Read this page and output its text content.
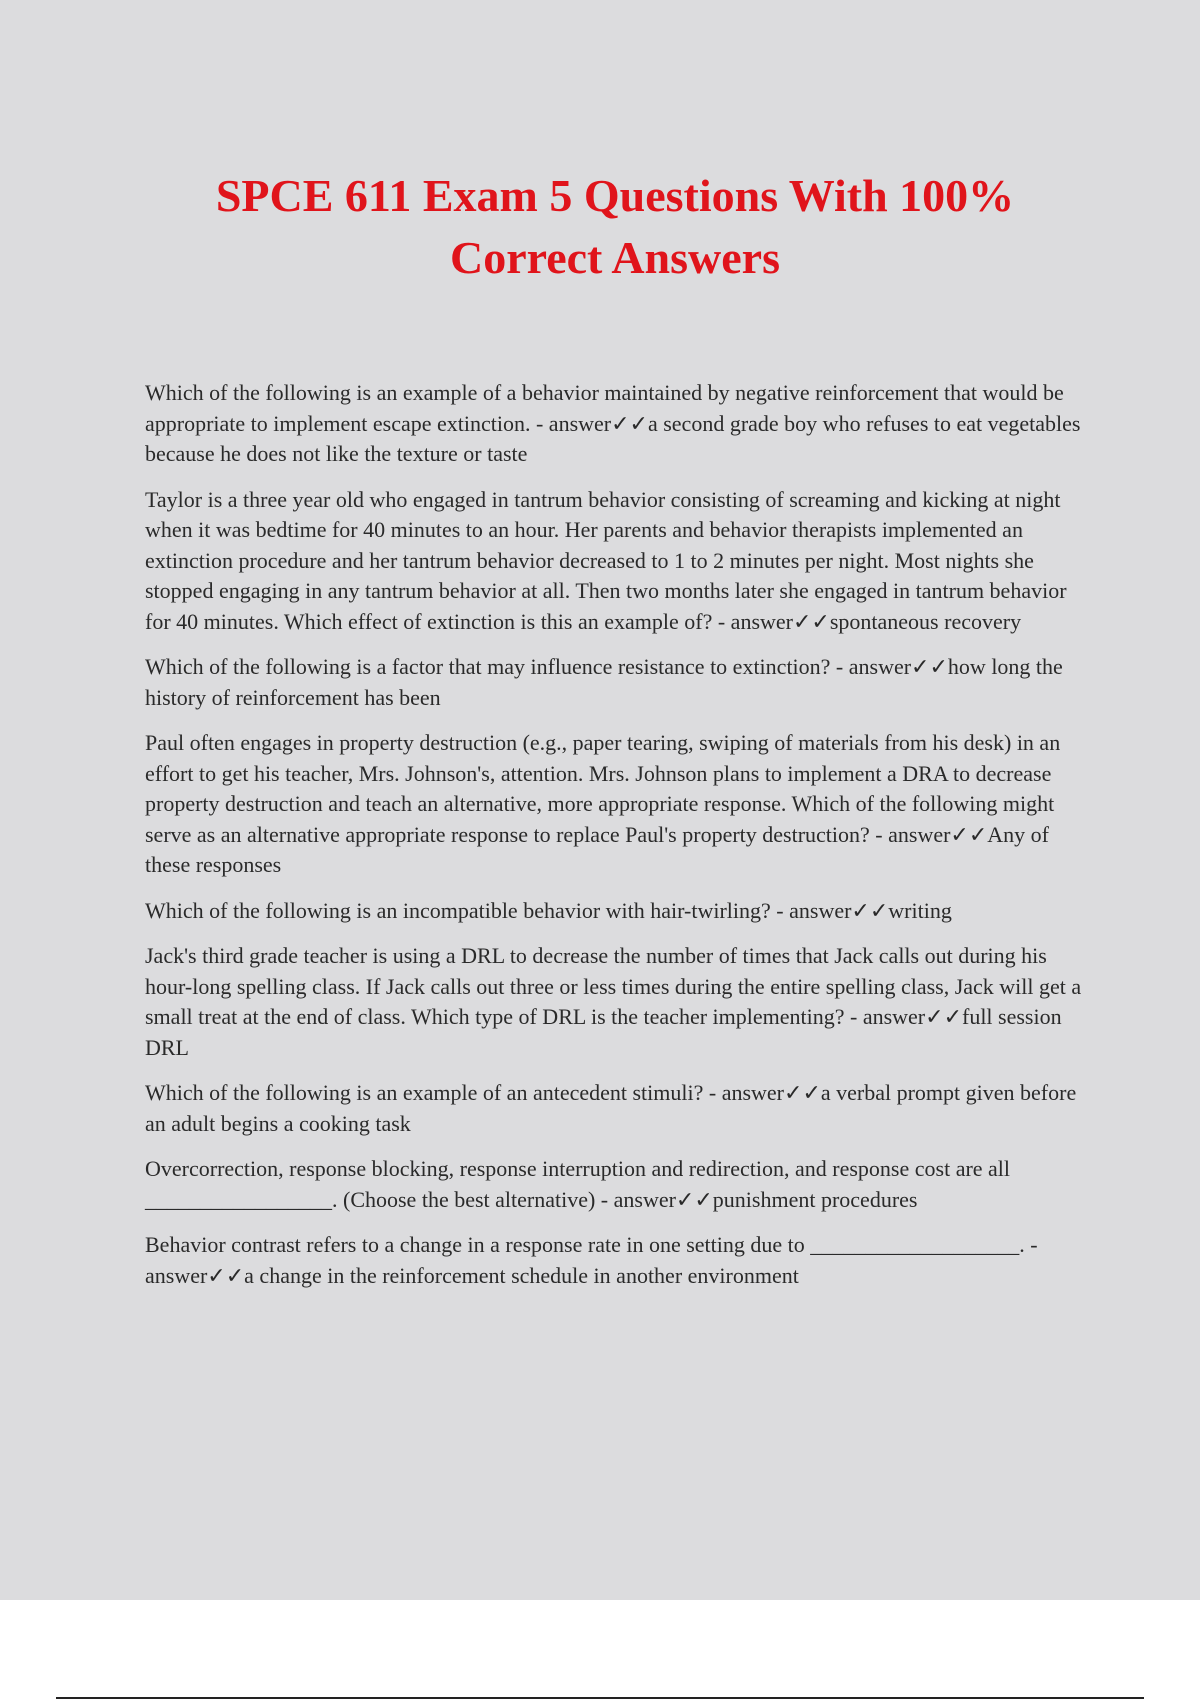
SPCE 611 Exam 5 Questions With 100%
Correct Answers

Which of the following is an example of a behavior maintained by negative reinforcement that would be appropriate to implement escape extinction. - answer✓✓a second grade boy who refuses to eat vegetables because he does not like the texture or taste

Taylor is a three year old who engaged in tantrum behavior consisting of screaming and kicking at night when it was bedtime for 40 minutes to an hour. Her parents and behavior therapists implemented an extinction procedure and her tantrum behavior decreased to 1 to 2 minutes per night. Most nights she stopped engaging in any tantrum behavior at all. Then two months later she engaged in tantrum behavior for 40 minutes. Which effect of extinction is this an example of? - answer✓✓spontaneous recovery

Which of the following is a factor that may influence resistance to extinction? - answer✓✓how long the history of reinforcement has been

Paul often engages in property destruction (e.g., paper tearing, swiping of materials from his desk) in an effort to get his teacher, Mrs. Johnson's, attention. Mrs. Johnson plans to implement a DRA to decrease property destruction and teach an alternative, more appropriate response. Which of the following might serve as an alternative appropriate response to replace Paul's property destruction? - answer✓✓Any of these responses

Which of the following is an incompatible behavior with hair-twirling? - answer✓✓writing

Jack's third grade teacher is using a DRL to decrease the number of times that Jack calls out during his hour-long spelling class. If Jack calls out three or less times during the entire spelling class, Jack will get a small treat at the end of class. Which type of DRL is the teacher implementing? - answer✓✓full session DRL

Which of the following is an example of an antecedent stimuli? - answer✓✓a verbal prompt given before an adult begins a cooking task

Overcorrection, response blocking, response interruption and redirection, and response cost are all _________________. (Choose the best alternative) - answer✓✓punishment procedures

Behavior contrast refers to a change in a response rate in one setting due to ___________________. - answer✓✓a change in the reinforcement schedule in another environment
